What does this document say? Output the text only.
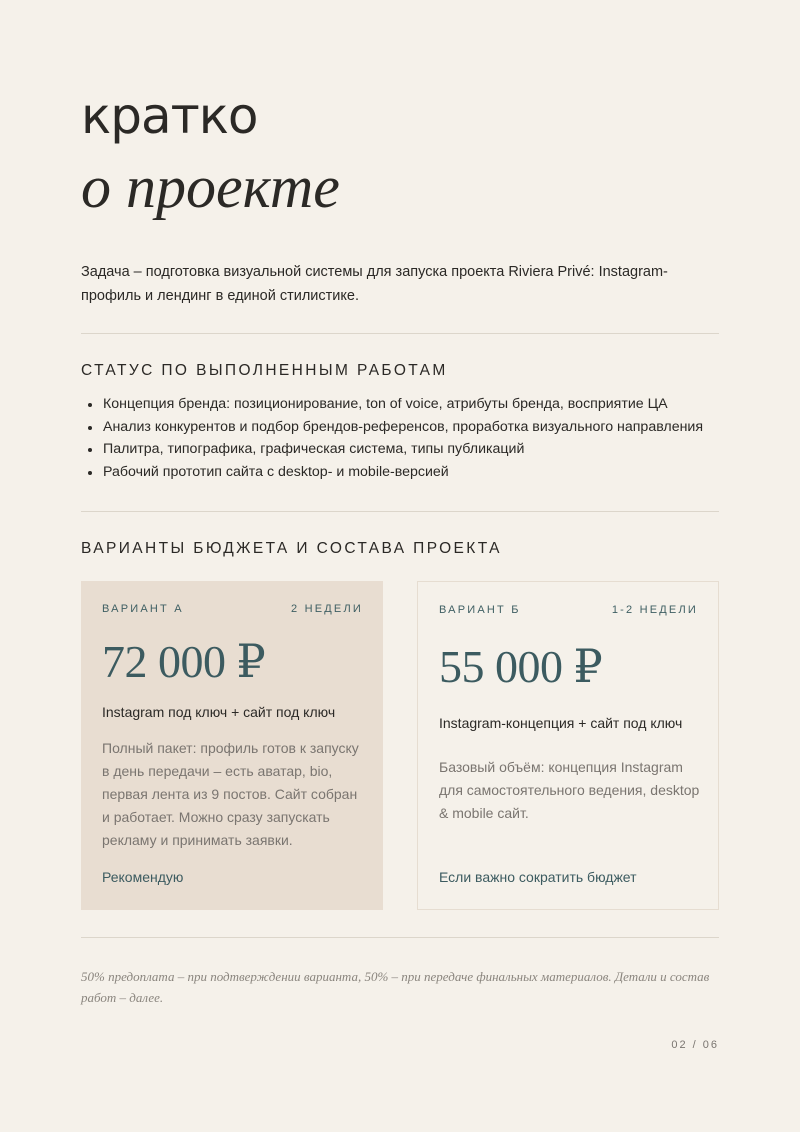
кратко
о проекте

Задача – подготовка визуальной системы для запуска проекта Riviera Privé: Instagram-профиль и лендинг в единой стилистике.

СТАТУС ПО ВЫПОЛНЕННЫМ РАБОТАМ
Концепция бренда: позиционирование, ton of voice, атрибуты бренда, восприятие ЦА
Анализ конкурентов и подбор брендов-референсов, проработка визуального направления
Палитра, типографика, графическая система, типы публикаций
Рабочий прототип сайта с desktop- и mobile-версией
ВАРИАНТЫ БЮДЖЕТА И СОСТАВА ПРОЕКТА
ВАРИАНТ А	2 НЕДЕЛИ
72 000 ₽
Instagram под ключ + сайт под ключ
Полный пакет: профиль готов к запуску в день передачи – есть аватар, bio, первая лента из 9 постов. Сайт собран и работает. Можно сразу запускать рекламу и принимать заявки.
Рекомендую
ВАРИАНТ Б	1-2 НЕДЕЛИ
55 000 ₽
Instagram-концепция + сайт под ключ
Базовый объём: концепция Instagram для самостоятельного ведения, desktop & mobile сайт.
Если важно сократить бюджет

50% предоплата – при подтверждении варианта, 50% – при передаче финальных материалов. Детали и состав работ – далее.

02 / 06
